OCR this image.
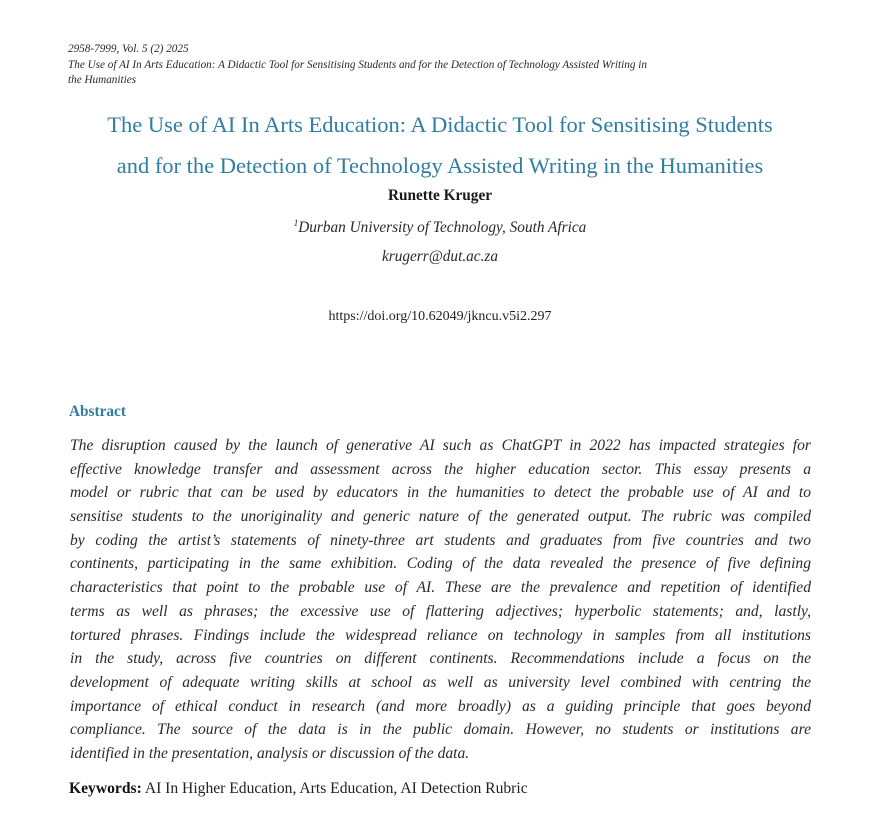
2958-7999, Vol. 5 (2) 2025
The Use of AI In Arts Education: A Didactic Tool for Sensitising Students and for the Detection of Technology Assisted Writing in
the Humanities
The Use of AI In Arts Education: A Didactic Tool for Sensitising Students
and for the Detection of Technology Assisted Writing in the Humanities
Runette Kruger
$^1$Durban University of Technology, South Africa
krugerr@dut.ac.za
https://doi.org/10.62049/jkncu.v5i2.297
Abstract
The disruption caused by the launch of generative AI such as ChatGPT in 2022 has impacted strategies for
effective knowledge transfer and assessment across the higher education sector. This essay presents a
model or rubric that can be used by educators in the humanities to detect the probable use of AI and to
sensitise students to the unoriginality and generic nature of the generated output. The rubric was compiled
by coding the artist’s statements of ninety-three art students and graduates from five countries and two
continents, participating in the same exhibition. Coding of the data revealed the presence of five defining
characteristics that point to the probable use of AI. These are the prevalence and repetition of identified
terms as well as phrases; the excessive use of flattering adjectives; hyperbolic statements; and, lastly,
tortured phrases. Findings include the widespread reliance on technology in samples from all institutions
in the study, across five countries on different continents. Recommendations include a focus on the
development of adequate writing skills at school as well as university level combined with centring the
importance of ethical conduct in research (and more broadly) as a guiding principle that goes beyond
compliance. The source of the data is in the public domain. However, no students or institutions are
identified in the presentation, analysis or discussion of the data.
Keywords: AI In Higher Education, Arts Education, AI Detection Rubric
